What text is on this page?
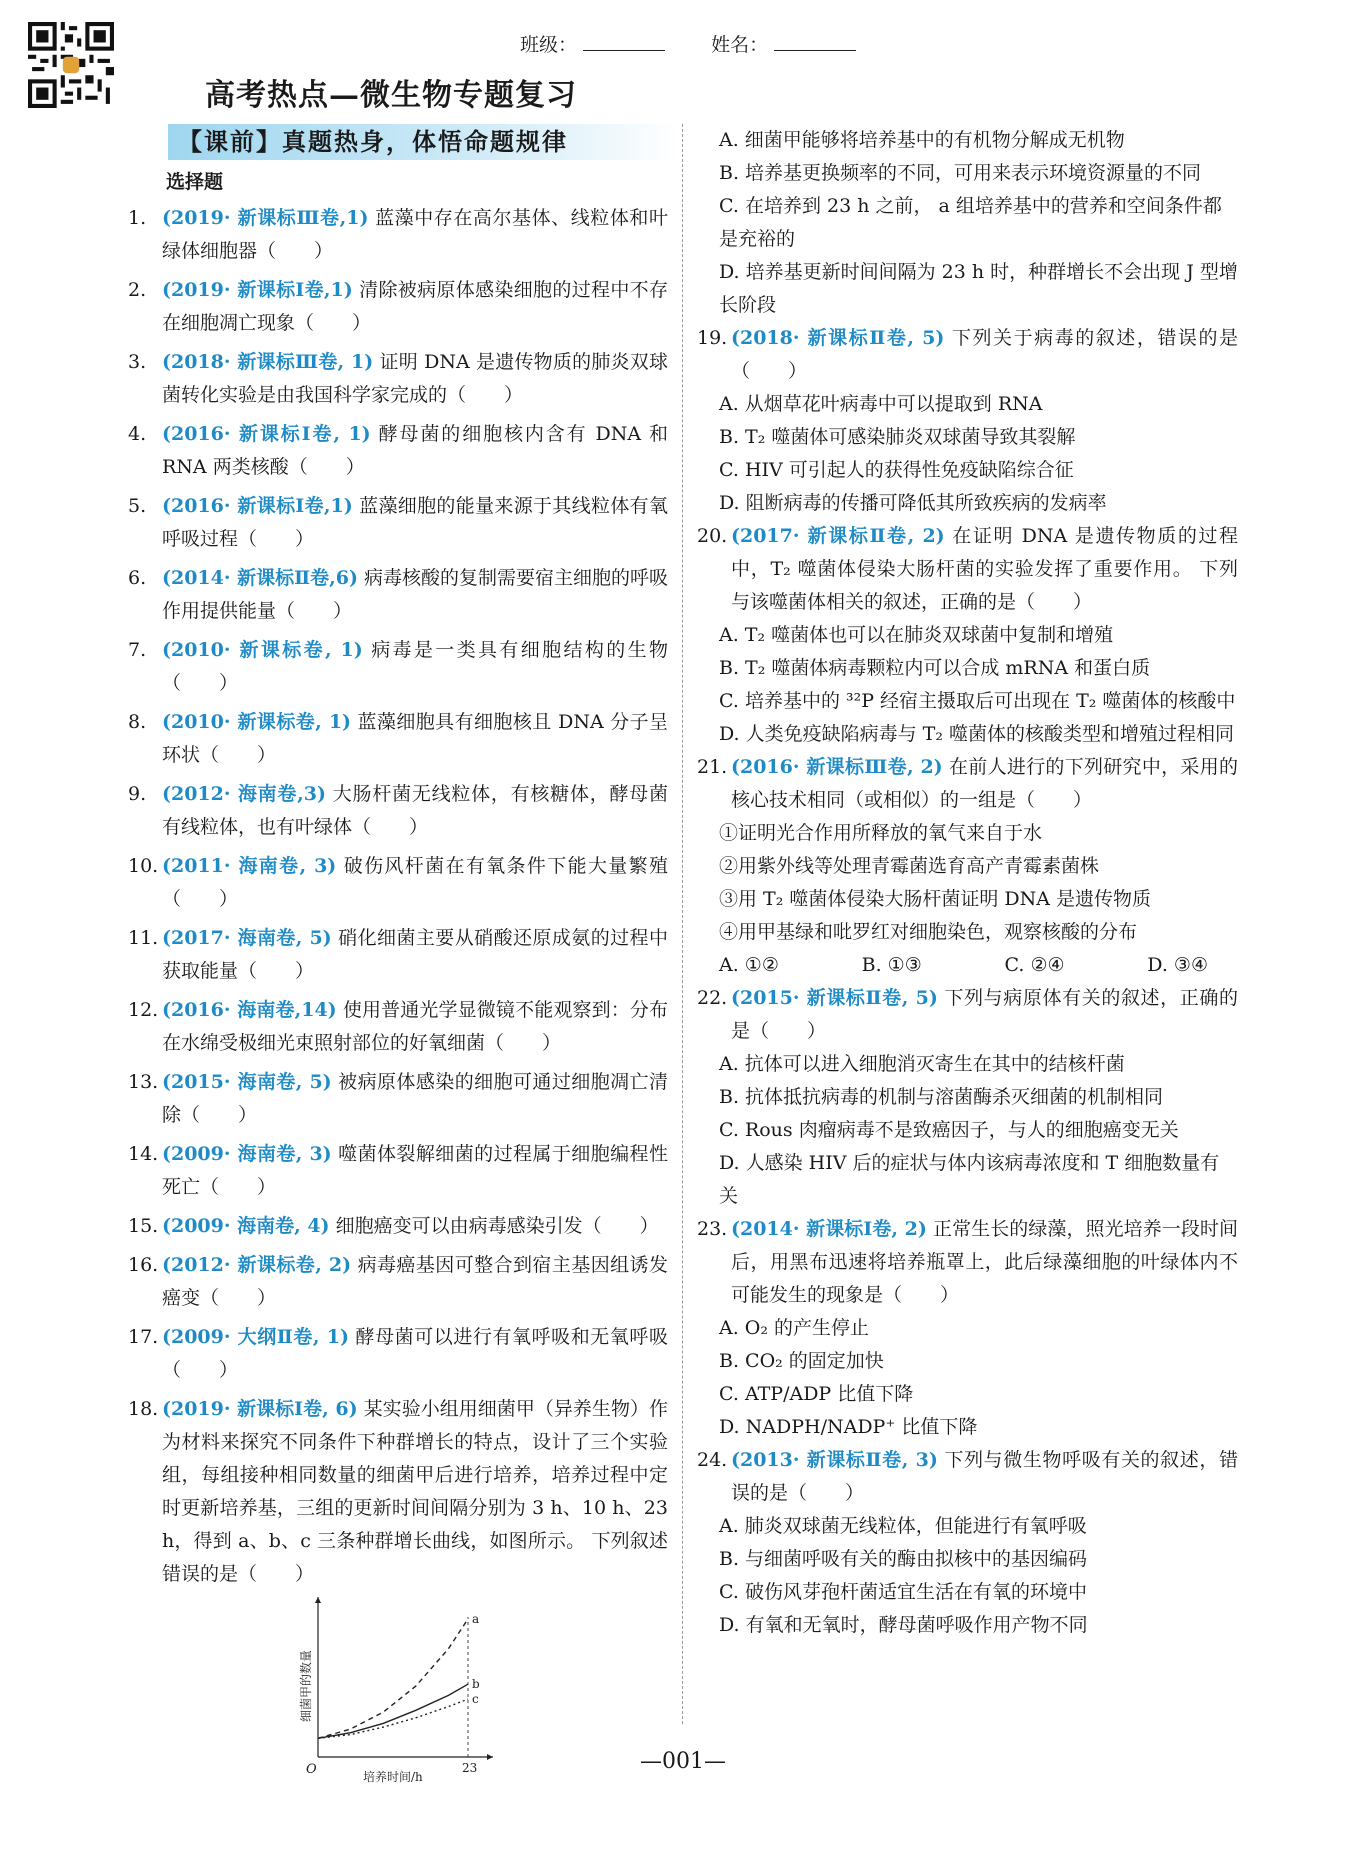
班级：	姓名：
高考热点—微生物专题复习
【课前】真题热身，体悟命题规律
选择题
1. (2019· 新课标Ⅲ卷,1) 蓝藻中存在高尔基体、线粒体和叶绿体细胞器（　　）
2. (2019· 新课标Ⅰ卷,1) 清除被病原体感染细胞的过程中不存在细胞凋亡现象（　　）
3. (2018· 新课标Ⅲ卷, 1) 证明 DNA 是遗传物质的肺炎双球菌转化实验是由我国科学家完成的（　　）
4. (2016· 新课标Ⅰ卷, 1) 酵母菌的细胞核内含有 DNA 和 RNA 两类核酸（　　）
5. (2016· 新课标Ⅰ卷,1) 蓝藻细胞的能量来源于其线粒体有氧呼吸过程（　　）
6. (2014· 新课标Ⅱ卷,6) 病毒核酸的复制需要宿主细胞的呼吸作用提供能量（　　）
7. (2010· 新课标卷, 1) 病毒是一类具有细胞结构的生物（　　）
8. (2010· 新课标卷, 1) 蓝藻细胞具有细胞核且 DNA 分子呈环状（　　）
9. (2012· 海南卷,3) 大肠杆菌无线粒体，有核糖体，酵母菌有线粒体，也有叶绿体（　　）
10. (2011· 海南卷, 3) 破伤风杆菌在有氧条件下能大量繁殖（　　）
11. (2017· 海南卷, 5) 硝化细菌主要从硝酸还原成氨的过程中获取能量（　　）
12. (2016· 海南卷,14) 使用普通光学显微镜不能观察到：分布在水绵受极细光束照射部位的好氧细菌（　　）
13. (2015· 海南卷, 5) 被病原体感染的细胞可通过细胞凋亡清除（　　）
14. (2009· 海南卷, 3) 噬菌体裂解细菌的过程属于细胞编程性死亡（　　）
15. (2009· 海南卷, 4) 细胞癌变可以由病毒感染引发（　　）
16. (2012· 新课标卷, 2) 病毒癌基因可整合到宿主基因组诱发癌变（　　）
17. (2009· 大纲Ⅱ卷, 1) 酵母菌可以进行有氧呼吸和无氧呼吸（　　）
18. (2019· 新课标Ⅰ卷, 6) 某实验小组用细菌甲（异养生物）作为材料来探究不同条件下种群增长的特点，设计了三个实验组，每组接种相同数量的细菌甲后进行培养，培养过程中定时更新培养基，三组的更新时间间隔分别为 3 h、10 h、23 h，得到 a、b、c 三条种群增长曲线，如图所示。 下列叙述错误的是（　　）
a
b
c
O	23
培养时间/h
细菌甲的数量
A. 细菌甲能够将培养基中的有机物分解成无机物
B. 培养基更换频率的不同，可用来表示环境资源量的不同
C. 在培养到 23 h 之前， a 组培养基中的营养和空间条件都是充裕的
D. 培养基更新时间间隔为 23 h 时，种群增长不会出现 J 型增长阶段
19. (2018· 新课标Ⅱ卷, 5) 下列关于病毒的叙述，错误的是（　　）
A. 从烟草花叶病毒中可以提取到 RNA
B. T₂ 噬菌体可感染肺炎双球菌导致其裂解
C. HIV 可引起人的获得性免疫缺陷综合征
D. 阻断病毒的传播可降低其所致疾病的发病率
20. (2017· 新课标Ⅱ卷, 2) 在证明 DNA 是遗传物质的过程中，T₂ 噬菌体侵染大肠杆菌的实验发挥了重要作用。 下列与该噬菌体相关的叙述，正确的是（　　）
A. T₂ 噬菌体也可以在肺炎双球菌中复制和增殖
B. T₂ 噬菌体病毒颗粒内可以合成 mRNA 和蛋白质
C. 培养基中的 ³²P 经宿主摄取后可出现在 T₂ 噬菌体的核酸中
D. 人类免疫缺陷病毒与 T₂ 噬菌体的核酸类型和增殖过程相同
21. (2016· 新课标Ⅲ卷, 2) 在前人进行的下列研究中，采用的核心技术相同（或相似）的一组是（　　）
①证明光合作用所释放的氧气来自于水
②用紫外线等处理青霉菌选育高产青霉素菌株
③用 T₂ 噬菌体侵染大肠杆菌证明 DNA 是遗传物质
④用甲基绿和吡罗红对细胞染色，观察核酸的分布
A. ①②	B. ①③	C. ②④	D. ③④
22. (2015· 新课标Ⅱ卷, 5) 下列与病原体有关的叙述，正确的是（　　）
A. 抗体可以进入细胞消灭寄生在其中的结核杆菌
B. 抗体抵抗病毒的机制与溶菌酶杀灭细菌的机制相同
C. Rous 肉瘤病毒不是致癌因子，与人的细胞癌变无关
D. 人感染 HIV 后的症状与体内该病毒浓度和 T 细胞数量有关
23. (2014· 新课标Ⅰ卷, 2) 正常生长的绿藻，照光培养一段时间后，用黑布迅速将培养瓶罩上，此后绿藻细胞的叶绿体内不可能发生的现象是（　　）
A. O₂ 的产生停止
B. CO₂ 的固定加快
C. ATP/ADP 比值下降
D. NADPH/NADP⁺ 比值下降
24. (2013· 新课标Ⅱ卷, 3) 下列与微生物呼吸有关的叙述，错误的是（　　）
A. 肺炎双球菌无线粒体，但能进行有氧呼吸
B. 与细菌呼吸有关的酶由拟核中的基因编码
C. 破伤风芽孢杆菌适宜生活在有氧的环境中
D. 有氧和无氧时，酵母菌呼吸作用产物不同
—001—
